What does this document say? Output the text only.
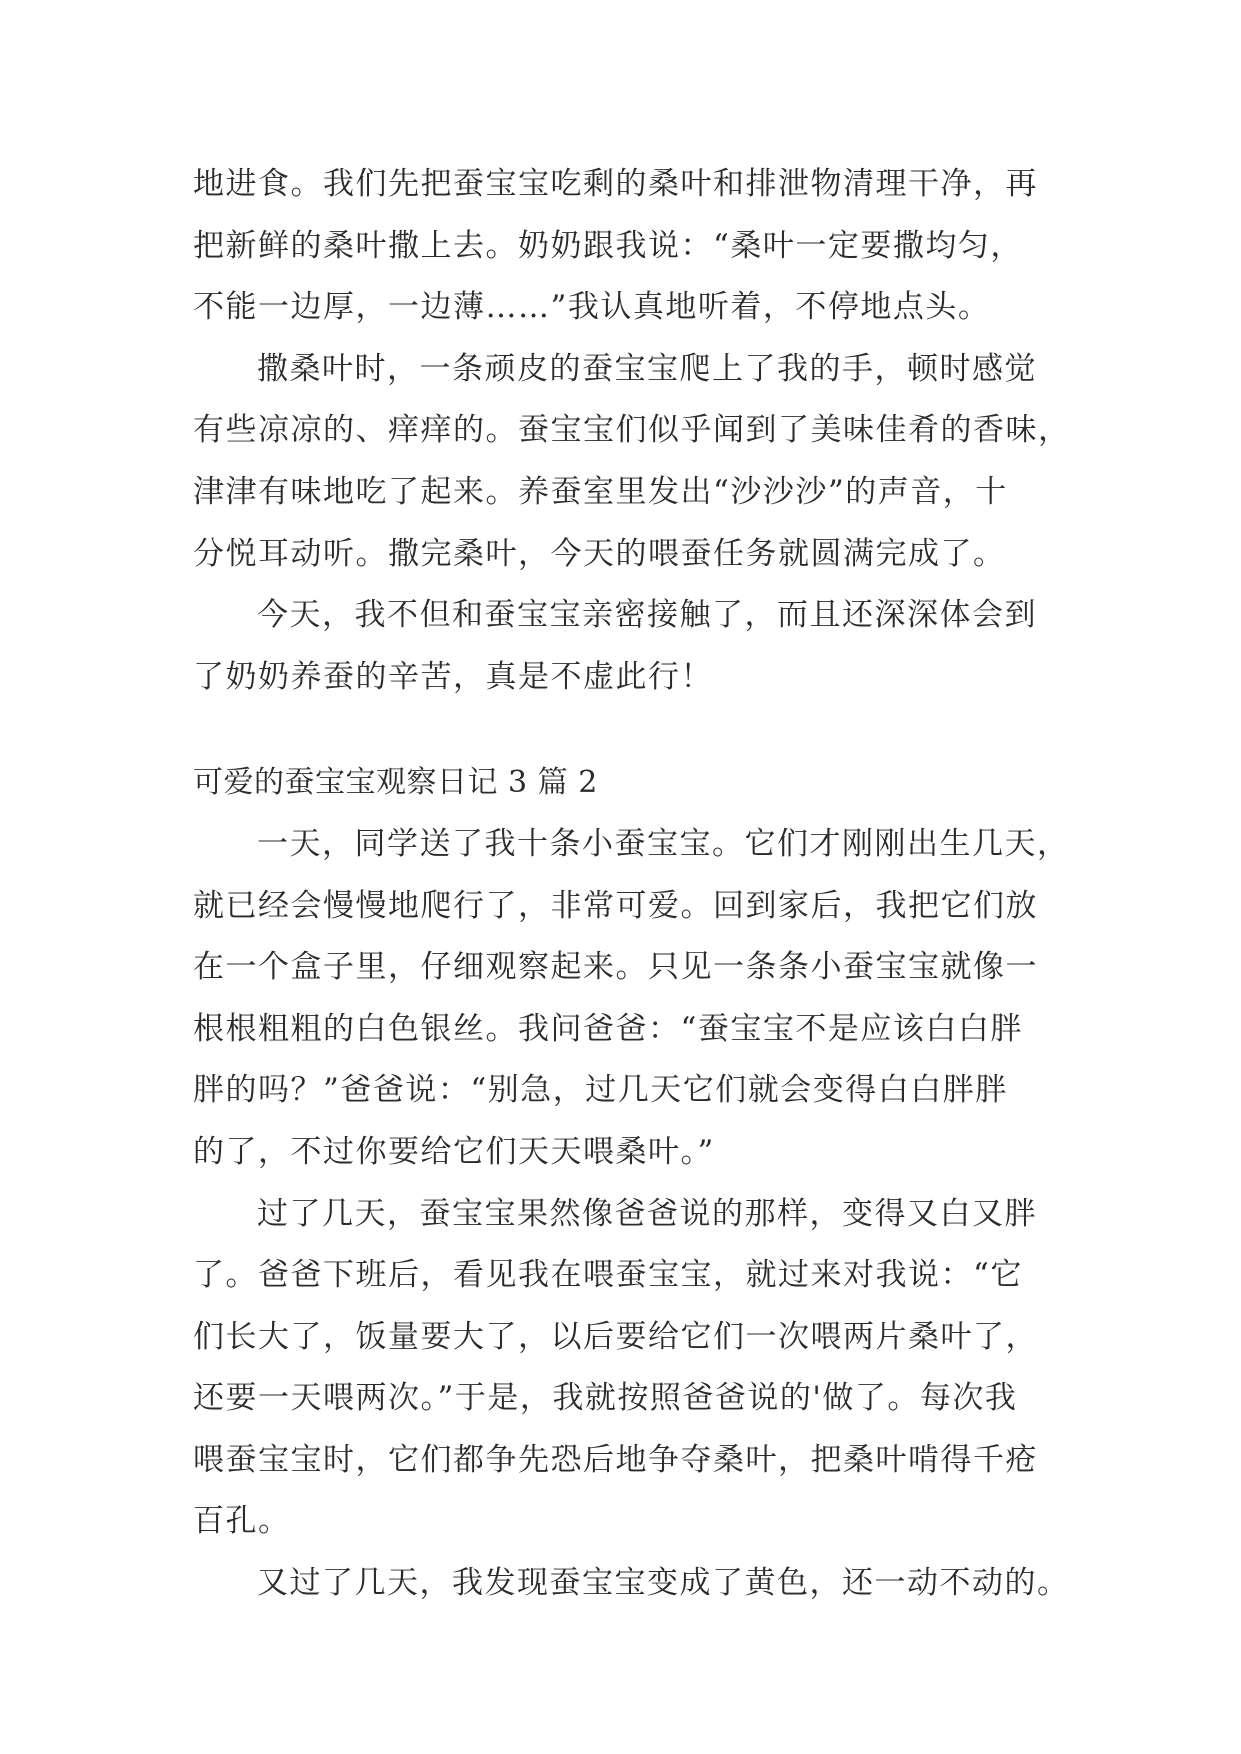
地进食。我们先把蚕宝宝吃剩的桑叶和排泄物清理干净，再
把新鲜的桑叶撒上去。奶奶跟我说：“桑叶一定要撒均匀，
不能一边厚，一边薄……”我认真地听着，不停地点头。
撒桑叶时，一条顽皮的蚕宝宝爬上了我的手，顿时感觉
有些凉凉的、痒痒的。蚕宝宝们似乎闻到了美味佳肴的香味，
津津有味地吃了起来。养蚕室里发出“沙沙沙”的声音，十
分悦耳动听。撒完桑叶，今天的喂蚕任务就圆满完成了。
今天，我不但和蚕宝宝亲密接触了，而且还深深体会到
了奶奶养蚕的辛苦，真是不虚此行！
可爱的蚕宝宝观察日记 3 篇 2
一天，同学送了我十条小蚕宝宝。它们才刚刚出生几天，
就已经会慢慢地爬行了，非常可爱。回到家后，我把它们放
在一个盒子里，仔细观察起来。只见一条条小蚕宝宝就像一
根根粗粗的白色银丝。我问爸爸：“蚕宝宝不是应该白白胖
胖的吗？”爸爸说：“别急，过几天它们就会变得白白胖胖
的了，不过你要给它们天天喂桑叶。”
过了几天，蚕宝宝果然像爸爸说的那样，变得又白又胖
了。爸爸下班后，看见我在喂蚕宝宝，就过来对我说：“它
们长大了，饭量要大了，以后要给它们一次喂两片桑叶了，
还要一天喂两次。”于是，我就按照爸爸说的'做了。每次我
喂蚕宝宝时，它们都争先恐后地争夺桑叶，把桑叶啃得千疮
百孔。
又过了几天，我发现蚕宝宝变成了黄色，还一动不动的。
